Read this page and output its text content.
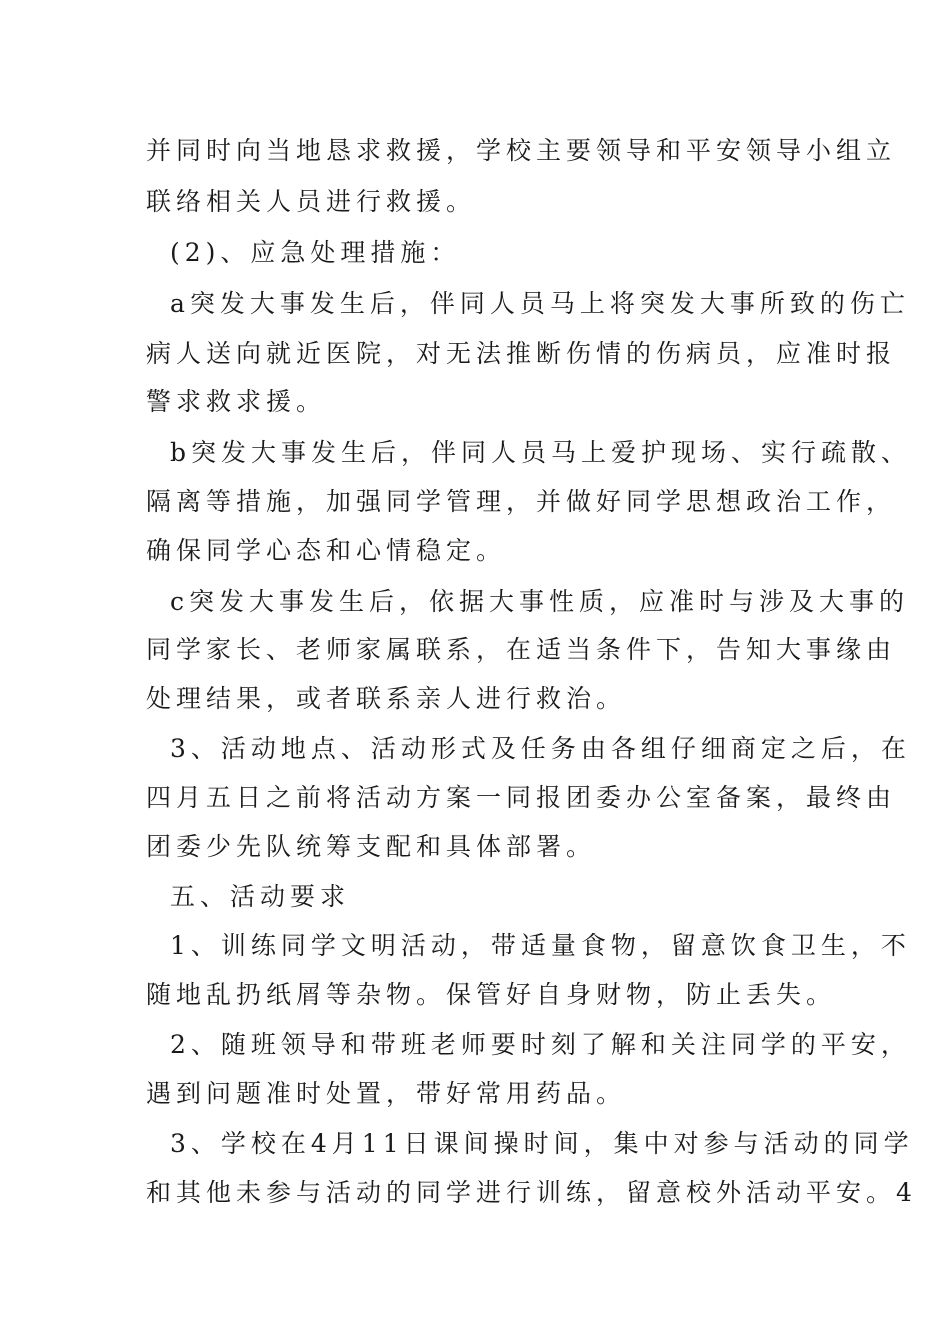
并同时向当地恳求救援，学校主要领导和平安领导小组立
联络相关人员进行救援。
(2)、应急处理措施：
a突发大事发生后，伴同人员马上将突发大事所致的伤亡
病人送向就近医院，对无法推断伤情的伤病员，应准时报
警求救求援。
b突发大事发生后，伴同人员马上爱护现场、实行疏散、
隔离等措施，加强同学管理，并做好同学思想政治工作，
确保同学心态和心情稳定。
c突发大事发生后，依据大事性质，应准时与涉及大事的
同学家长、老师家属联系，在适当条件下，告知大事缘由
处理结果，或者联系亲人进行救治。
3、活动地点、活动形式及任务由各组仔细商定之后，在
四月五日之前将活动方案一同报团委办公室备案，最终由
团委少先队统筹支配和具体部署。
五、活动要求
1、训练同学文明活动，带适量食物，留意饮食卫生，不
随地乱扔纸屑等杂物。保管好自身财物，防止丢失。
2、随班领导和带班老师要时刻了解和关注同学的平安，
遇到问题准时处置，带好常用药品。
3、学校在4月11日课间操时间，集中对参与活动的同学
和其他未参与活动的同学进行训练，留意校外活动平安。4
